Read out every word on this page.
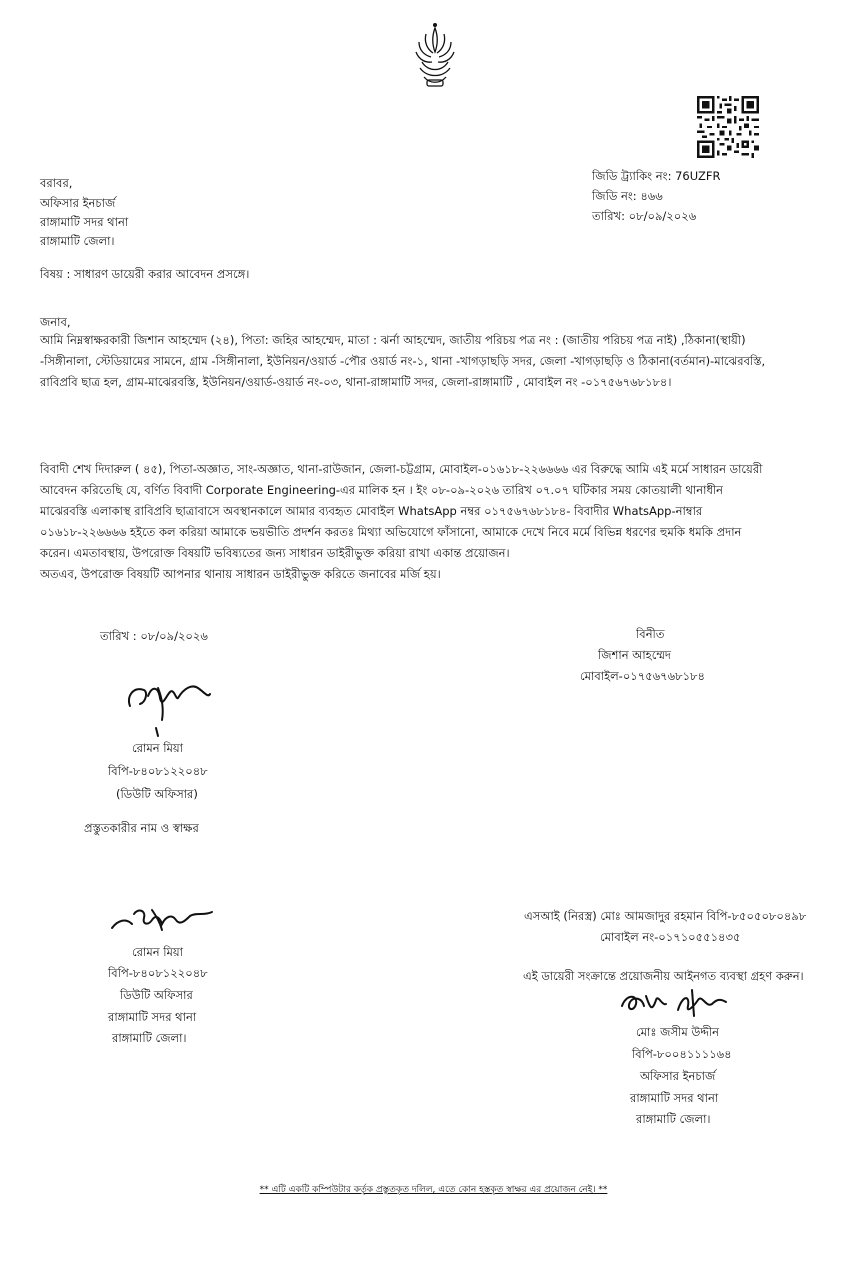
বরাবর,
অফিসার ইনচার্জ
রাঙ্গামাটি সদর থানা
রাঙ্গামাটি জেলা।
জিডি ট্র্যাকিং নং: 76UZFR
জিডি নং: ৪৬৬
তারিখ: ০৮/০৯/২০২৬
বিষয় : সাধারণ ডায়েরী করার আবেদন প্রসঙ্গে।
জনাব,
আমি নিম্নস্বাক্ষরকারী জিশান আহম্মেদ (২৪), পিতা: জহির আহম্মেদ, মাতা : ঝর্না আহম্মেদ, জাতীয় পরিচয় পত্র নং : (জাতীয় পরিচয় পত্র নাই) ,ঠিকানা(স্থায়ী)
-সিঙ্গীনালা, স্টেডিয়ামের সামনে, গ্রাম -সিঙ্গীনালা, ইউনিয়ন/ওয়ার্ড -পৌর ওয়ার্ড নং-১, থানা -খাগড়াছড়ি সদর, জেলা -খাগড়াছড়ি ও ঠিকানা(বর্তমান)-মাঝেরবস্তি,
রাবিপ্রবি ছাত্র হল, গ্রাম-মাঝেরবস্তি, ইউনিয়ন/ওয়ার্ড-ওয়ার্ড নং-০৩, থানা-রাঙ্গামাটি সদর, জেলা-রাঙ্গামাটি , মোবাইল নং -০১৭৫৬৭৬৮১৮৪।
বিবাদী শেখ দিদারুল ( ৪৫), পিতা-অজ্ঞাত, সাং-অজ্ঞাত, থানা-রাউজান, জেলা-চট্টগ্রাম, মোবাইল-০১৬১৮-২২৬৬৬৬ এর বিরুদ্ধে আমি এই মর্মে সাধারন ডায়েরী
আবেদন করিতেছি যে, বর্ণিত বিবাদী Corporate Engineering-এর মালিক হন । ইং ০৮-০৯-২০২৬ তারিখ ০৭.০৭ ঘটিকার সময় কোতয়ালী থানাধীন
মাঝেরবস্তি এলাকাস্থ রাবিপ্রবি ছাত্রাবাসে অবস্থানকালে আমার ব্যবহৃত মোবাইল WhatsApp নম্বর ০১৭৫৬৭৬৮১৮৪- বিবাদীর WhatsApp-নাম্বার
০১৬১৮-২২৬৬৬৬ হইতে কল করিয়া আমাকে ভয়ভীতি প্রদর্শন করতঃ মিথ্যা অভিযোগে ফাঁসানো, আমাকে দেখে নিবে মর্মে বিভিন্ন ধরণের হুমকি ধমকি প্রদান
করেন। এমতাবস্থায়, উপরোক্ত বিষয়টি ভবিষ্যতের জন্য সাধারন ডাইরীভুক্ত করিয়া রাখা একান্ত প্রয়োজন।
অতএব, উপরোক্ত বিষয়টি আপনার থানায় সাধারন ডাইরীভুক্ত করিতে জনাবের মর্জি হয়।
তারিখ : ০৮/০৯/২০২৬	বিনীত
জিশান আহম্মেদ
মোবাইল-০১৭৫৬৭৬৮১৮৪
রোমন মিয়া
বিপি-৮৪০৮১২২০৪৮
(ডিউটি অফিসার)
প্রস্তুতকারীর নাম ও স্বাক্ষর
রোমন মিয়া
বিপি-৮৪০৮১২২০৪৮
ডিউটি অফিসার
রাঙ্গামাটি সদর থানা
রাঙ্গামাটি জেলা।
এসআই (নিরস্ত্র) মোঃ আমজাদুর রহমান বিপি-৮৫০৫০৮০৪৯৮
মোবাইল নং-০১৭১০৫৫১৪৩৫
এই ডায়েরী সংক্রান্তে প্রয়োজনীয় আইনগত ব্যবস্থা গ্রহণ করুন।
মোঃ জসীম উদ্দীন
বিপি-৮০০৪১১১১৬৪
অফিসার ইনচার্জ
রাঙ্গামাটি সদর থানা
রাঙ্গামাটি জেলা।
** এটি একটি কম্পিউটার কর্তৃক প্রস্তুতকৃত দলিল, এতে কোন হস্তকৃত স্বাক্ষর এর প্রয়োজন নেই। **
